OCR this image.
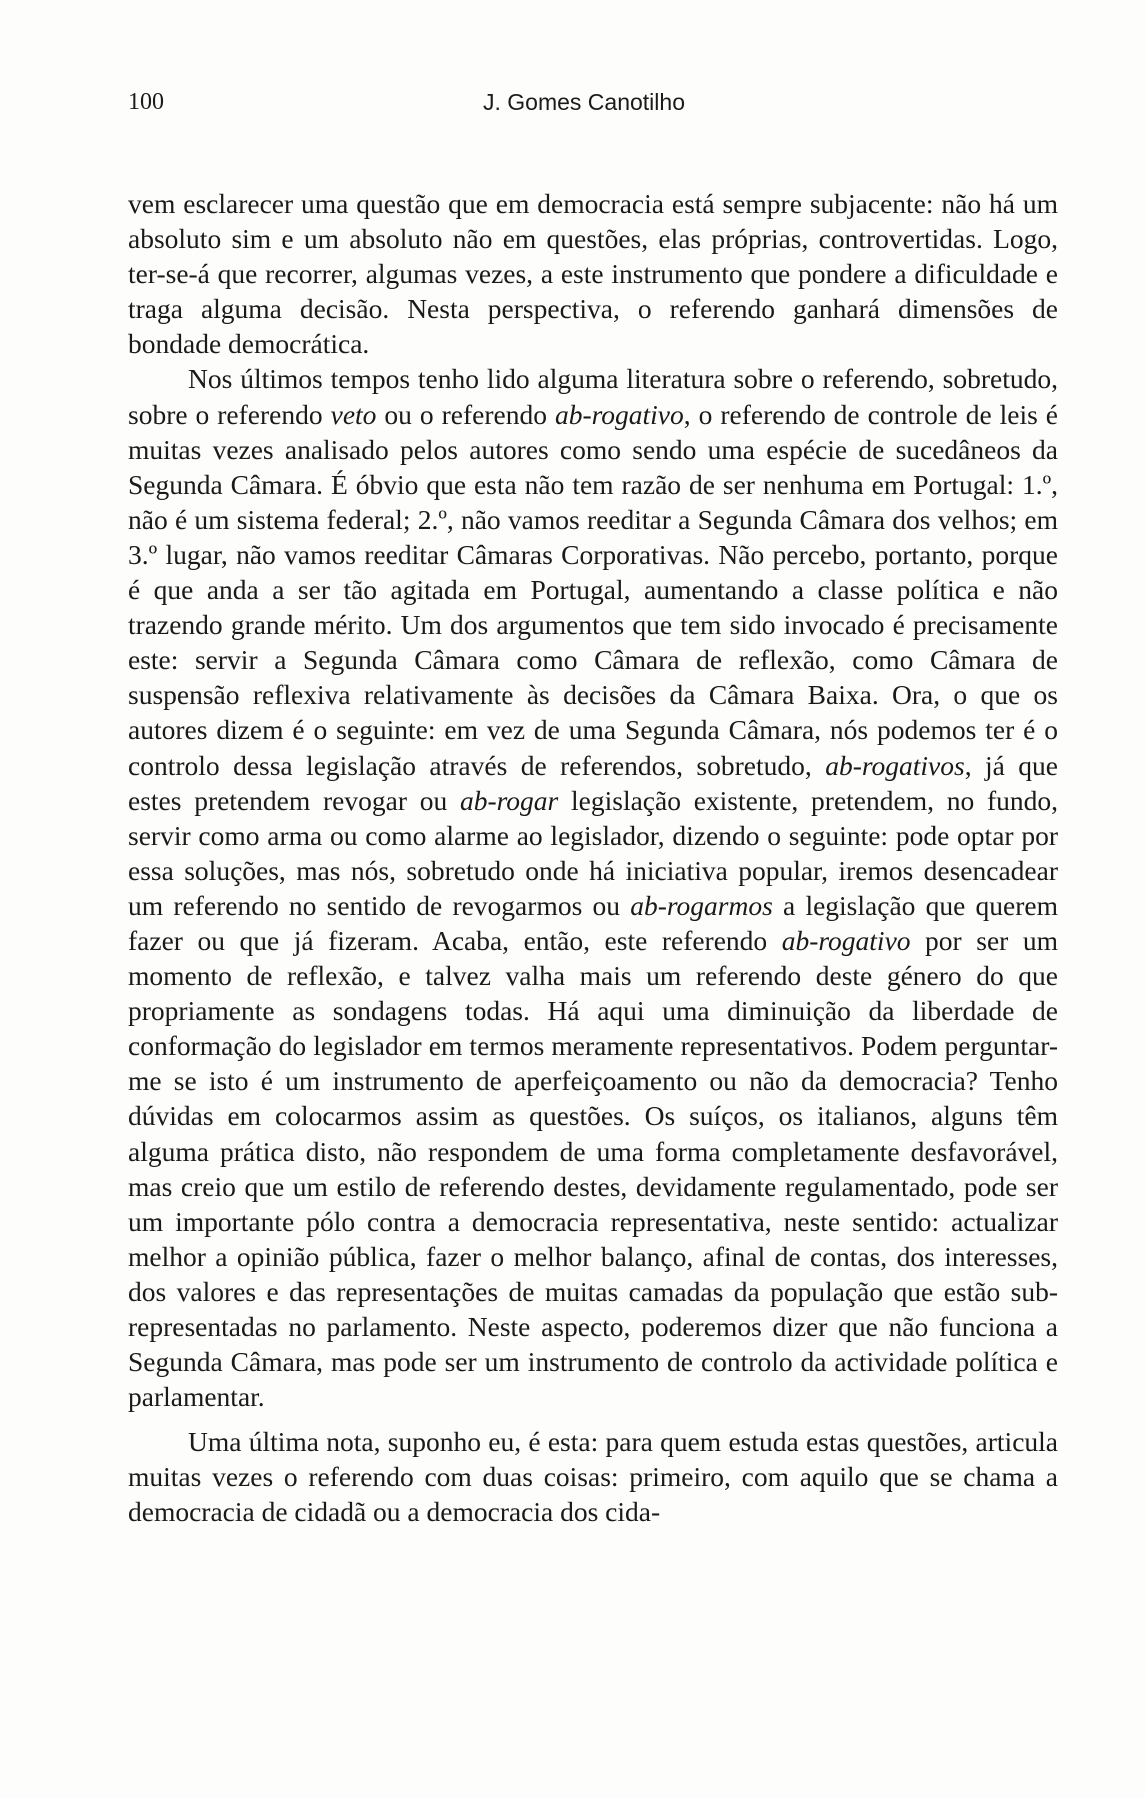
100	J. Gomes Canotilho

vem esclarecer uma questão que em democracia está sempre subjacente: não há um absoluto sim e um absoluto não em questões, elas próprias, controvertidas. Logo, ter-se-á que recorrer, algumas vezes, a este instrumento que pondere a dificuldade e traga alguma decisão. Nesta perspectiva, o referendo ganhará dimensões de bondade democrática.

Nos últimos tempos tenho lido alguma literatura sobre o referendo, sobretudo, sobre o referendo veto ou o referendo ab-rogativo, o referendo de controle de leis é muitas vezes analisado pelos autores como sendo uma espécie de sucedâneos da Segunda Câmara. É óbvio que esta não tem razão de ser nenhuma em Portugal: 1.º, não é um sistema federal; 2.º, não vamos reeditar a Segunda Câmara dos velhos; em 3.º lugar, não vamos reeditar Câmaras Corporativas. Não percebo, portanto, porque é que anda a ser tão agitada em Portugal, aumentando a classe política e não trazendo grande mérito. Um dos argumentos que tem sido invocado é precisamente este: servir a Segunda Câmara como Câmara de reflexão, como Câmara de suspensão reflexiva relativamente às decisões da Câmara Baixa. Ora, o que os autores dizem é o seguinte: em vez de uma Segunda Câmara, nós podemos ter é o controlo dessa legislação através de referendos, sobretudo, ab-rogativos, já que estes pretendem revogar ou ab-rogar legislação existente, pretendem, no fundo, servir como arma ou como alarme ao legislador, dizendo o seguinte: pode optar por essa soluções, mas nós, sobretudo onde há iniciativa popular, iremos desencadear um referendo no sentido de revogarmos ou ab-rogarmos a legislação que querem fazer ou que já fizeram. Acaba, então, este referendo ab-rogativo por ser um momento de reflexão, e talvez valha mais um referendo deste género do que propriamente as sondagens todas. Há aqui uma diminuição da liberdade de conformação do legislador em termos meramente representativos. Podem perguntar-me se isto é um instrumento de aperfeiçoamento ou não da democracia? Tenho dúvidas em colocarmos assim as questões. Os suíços, os italianos, alguns têm alguma prática disto, não respondem de uma forma completamente desfavorável, mas creio que um estilo de referendo destes, devidamente regulamentado, pode ser um importante pólo contra a democracia representativa, neste sentido: actualizar melhor a opinião pública, fazer o melhor balanço, afinal de contas, dos interesses, dos valores e das representações de muitas camadas da população que estão sub-representadas no parlamento. Neste aspecto, poderemos dizer que não funciona a Segunda Câmara, mas pode ser um instrumento de controlo da actividade política e parlamentar.

Uma última nota, suponho eu, é esta: para quem estuda estas questões, articula muitas vezes o referendo com duas coisas: primeiro, com aquilo que se chama a democracia de cidadã ou a democracia dos cida-
